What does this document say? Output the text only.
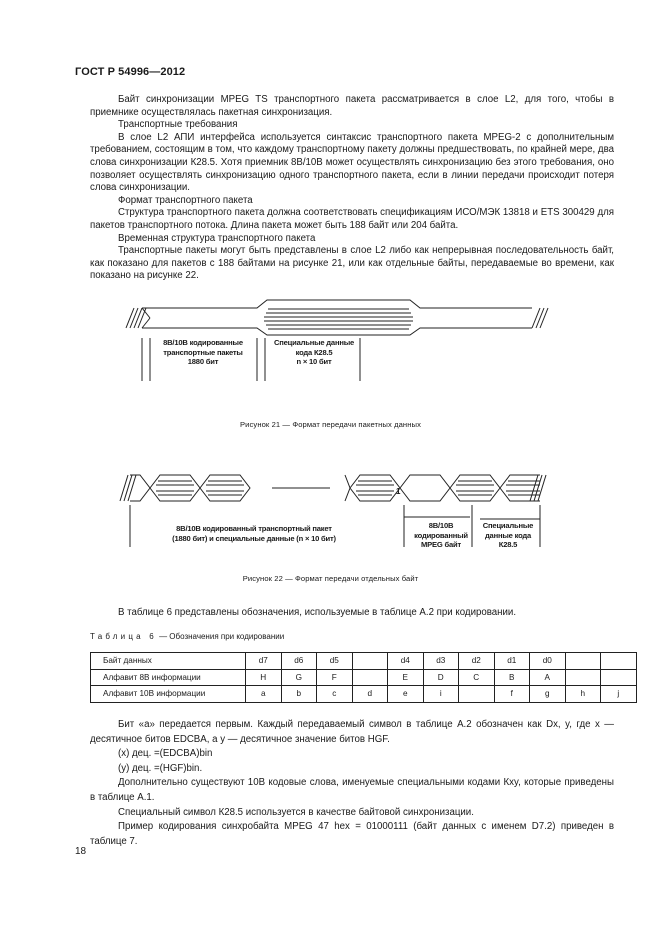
ГОСТ Р 54996—2012

Байт синхронизации MPEG TS транспортного пакета рассматривается в слое L2, для того, чтобы в приемнике осуществлялась пакетная синхронизация.

Транспортные требования

В слое L2 АПИ интерфейса используется синтаксис транспортного пакета MPEG-2 с дополнительным требованием, состоящим в том, что каждому транспортному пакету должны предшествовать, по крайней мере, два слова синхронизации К28.5. Хотя приемник 8В/10В может осуществлять синхронизацию без этого требования, оно позволяет осуществлять синхронизацию одного транспортного пакета, если в линии передачи происходит потеря слова синхронизации.

Формат транспортного пакета

Структура транспортного пакета должна соответствовать спецификациям ИСО/МЭК 13818 и ETS 300429 для пакетов транспортного потока. Длина пакета может быть 188 байт или 204 байта.

Временная структура транспортного пакета

Транспортные пакеты могут быть представлены в слое L2 либо как непрерывная последовательность байт, как показано для пакетов с 188 байтами на рисунке 21, или как отдельные байты, передаваемые во времени, как показано на рисунке 22.

8В/10В кодированные
транспортные пакеты
1880 бит
Специальные данные
кода К28.5
n × 10 бит
Рисунок 21 — Формат передачи пакетных данных
1
8В/10В кодированный транспортный пакет
(1880 бит) и специальные данные (n × 10 бит)
8В/10В
кодированный
MPEG байт
Специальные
данные кода
К28.5
Рисунок 22 — Формат передачи отдельных байт

В таблице 6 представлены обозначения, используемые в таблице А.2 при кодировании.

Таблица 6 — Обозначения при кодировании
Байт данных	d7	d6	d5		d4	d3	d2	d1	d0		
Алфавит 8В информации	H	G	F		E	D	C	B	A		
Алфавит 10В информации	a	b	c	d	e	i		f	g	h	j

Бит «а» передается первым. Каждый передаваемый символ в таблице А.2 обозначен как Dx, y, где x — десятичное битов EDCBA, а y — десятичное значение битов HGF.

(x) дец. =(EDCBA)bin

(y) дец. =(HGF)bin.

Дополнительно существуют 10В кодовые слова, именуемые специальными кодами Кxy, которые приведены в таблице А.1.

Специальный символ К28.5 используется в качестве байтовой синхронизации.

Пример кодирования синхробайта MPEG 47 hex = 01000111 (байт данных с именем D7.2) приведен в таблице 7.

18
